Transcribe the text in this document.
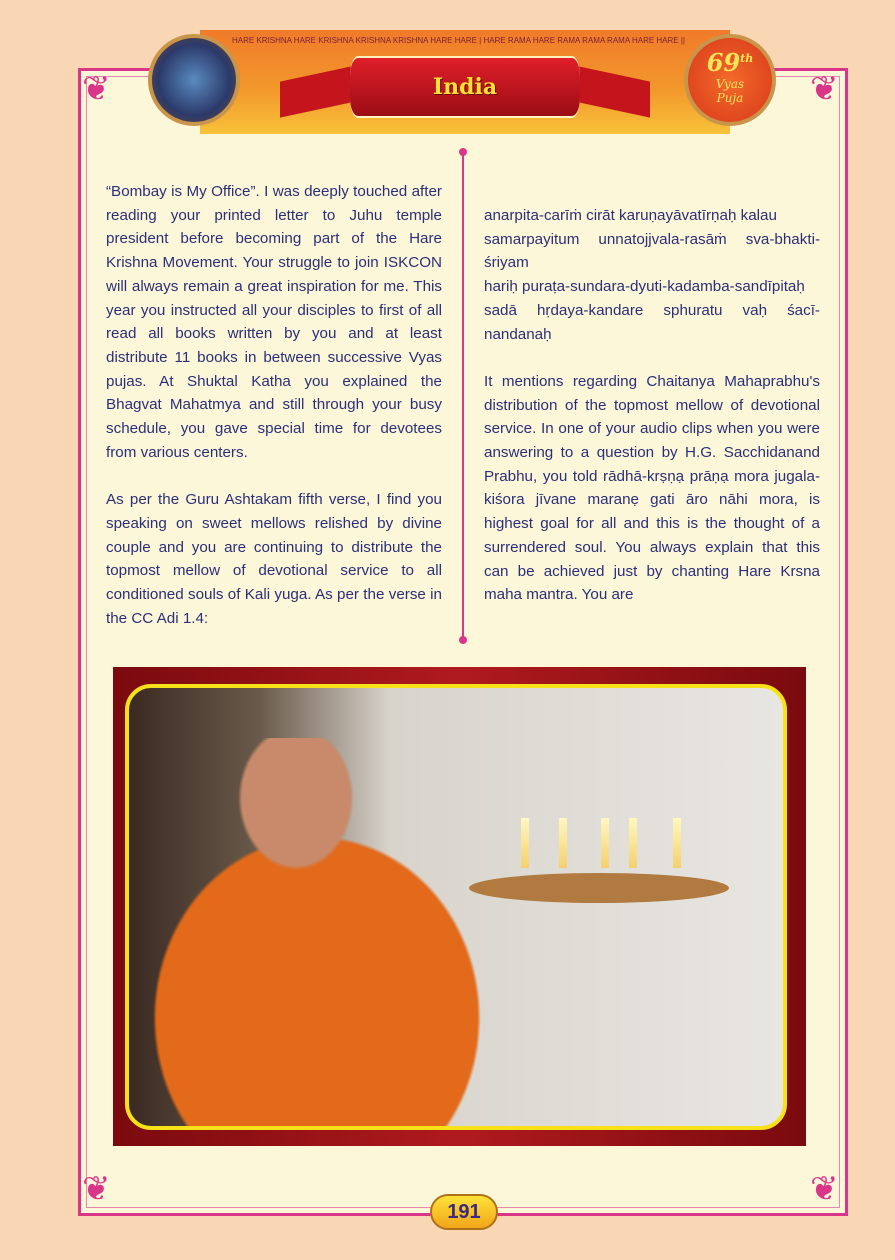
❦	❦
❦	❦
HARE KRISHNA HARE KRISHNA KRISHNA KRISHNA HARE HARE | HARE RAMA HARE RAMA RAMA RAMA HARE HARE ||
India
69th
Vyas
Puja

“Bombay is My Office”. I was deeply touched after reading your printed letter to Juhu temple president before becoming part of the Hare Krishna Movement. Your struggle to join ISKCON will always remain a great inspiration for me. This year you instructed all your disciples to first of all read all books written by you and at least distribute 11 books in between successive Vyas pujas. At Shuktal Katha you explained the Bhagvat Mahatmya and still through your busy schedule, you gave special time for devotees from various centers.

As per the Guru Ashtakam fifth verse, I find you speaking on sweet mellows relished by divine couple and you are continuing to distribute the topmost mellow of devotional service to all conditioned souls of Kali yuga. As per the verse in the CC Adi 1.4:

anarpita-carīṁ cirāt karuṇayāvatīrṇaḥ kalau
samarpayitum unnatojjvala-rasāṁ sva-bhakti-śriyam
hariḥ puraṭa-sundara-dyuti-kadamba-sandīpitaḥ
sadā hṛdaya-kandare sphuratu vaḥ śacī-nandanaḥ

It mentions regarding Chaitanya Mahaprabhu's distribution of the topmost mellow of devotional service. In one of your audio clips when you were answering to a question by H.G. Sacchidanand Prabhu, you told rādhā-krṣṇạ prāṇạ mora jugala-kiśora jīvane maranẹ gati āro nāhi mora, is highest goal for all and this is the thought of a surrendered soul. You always explain that this can be achieved just by chanting Hare Krsna maha mantra. You are

191
